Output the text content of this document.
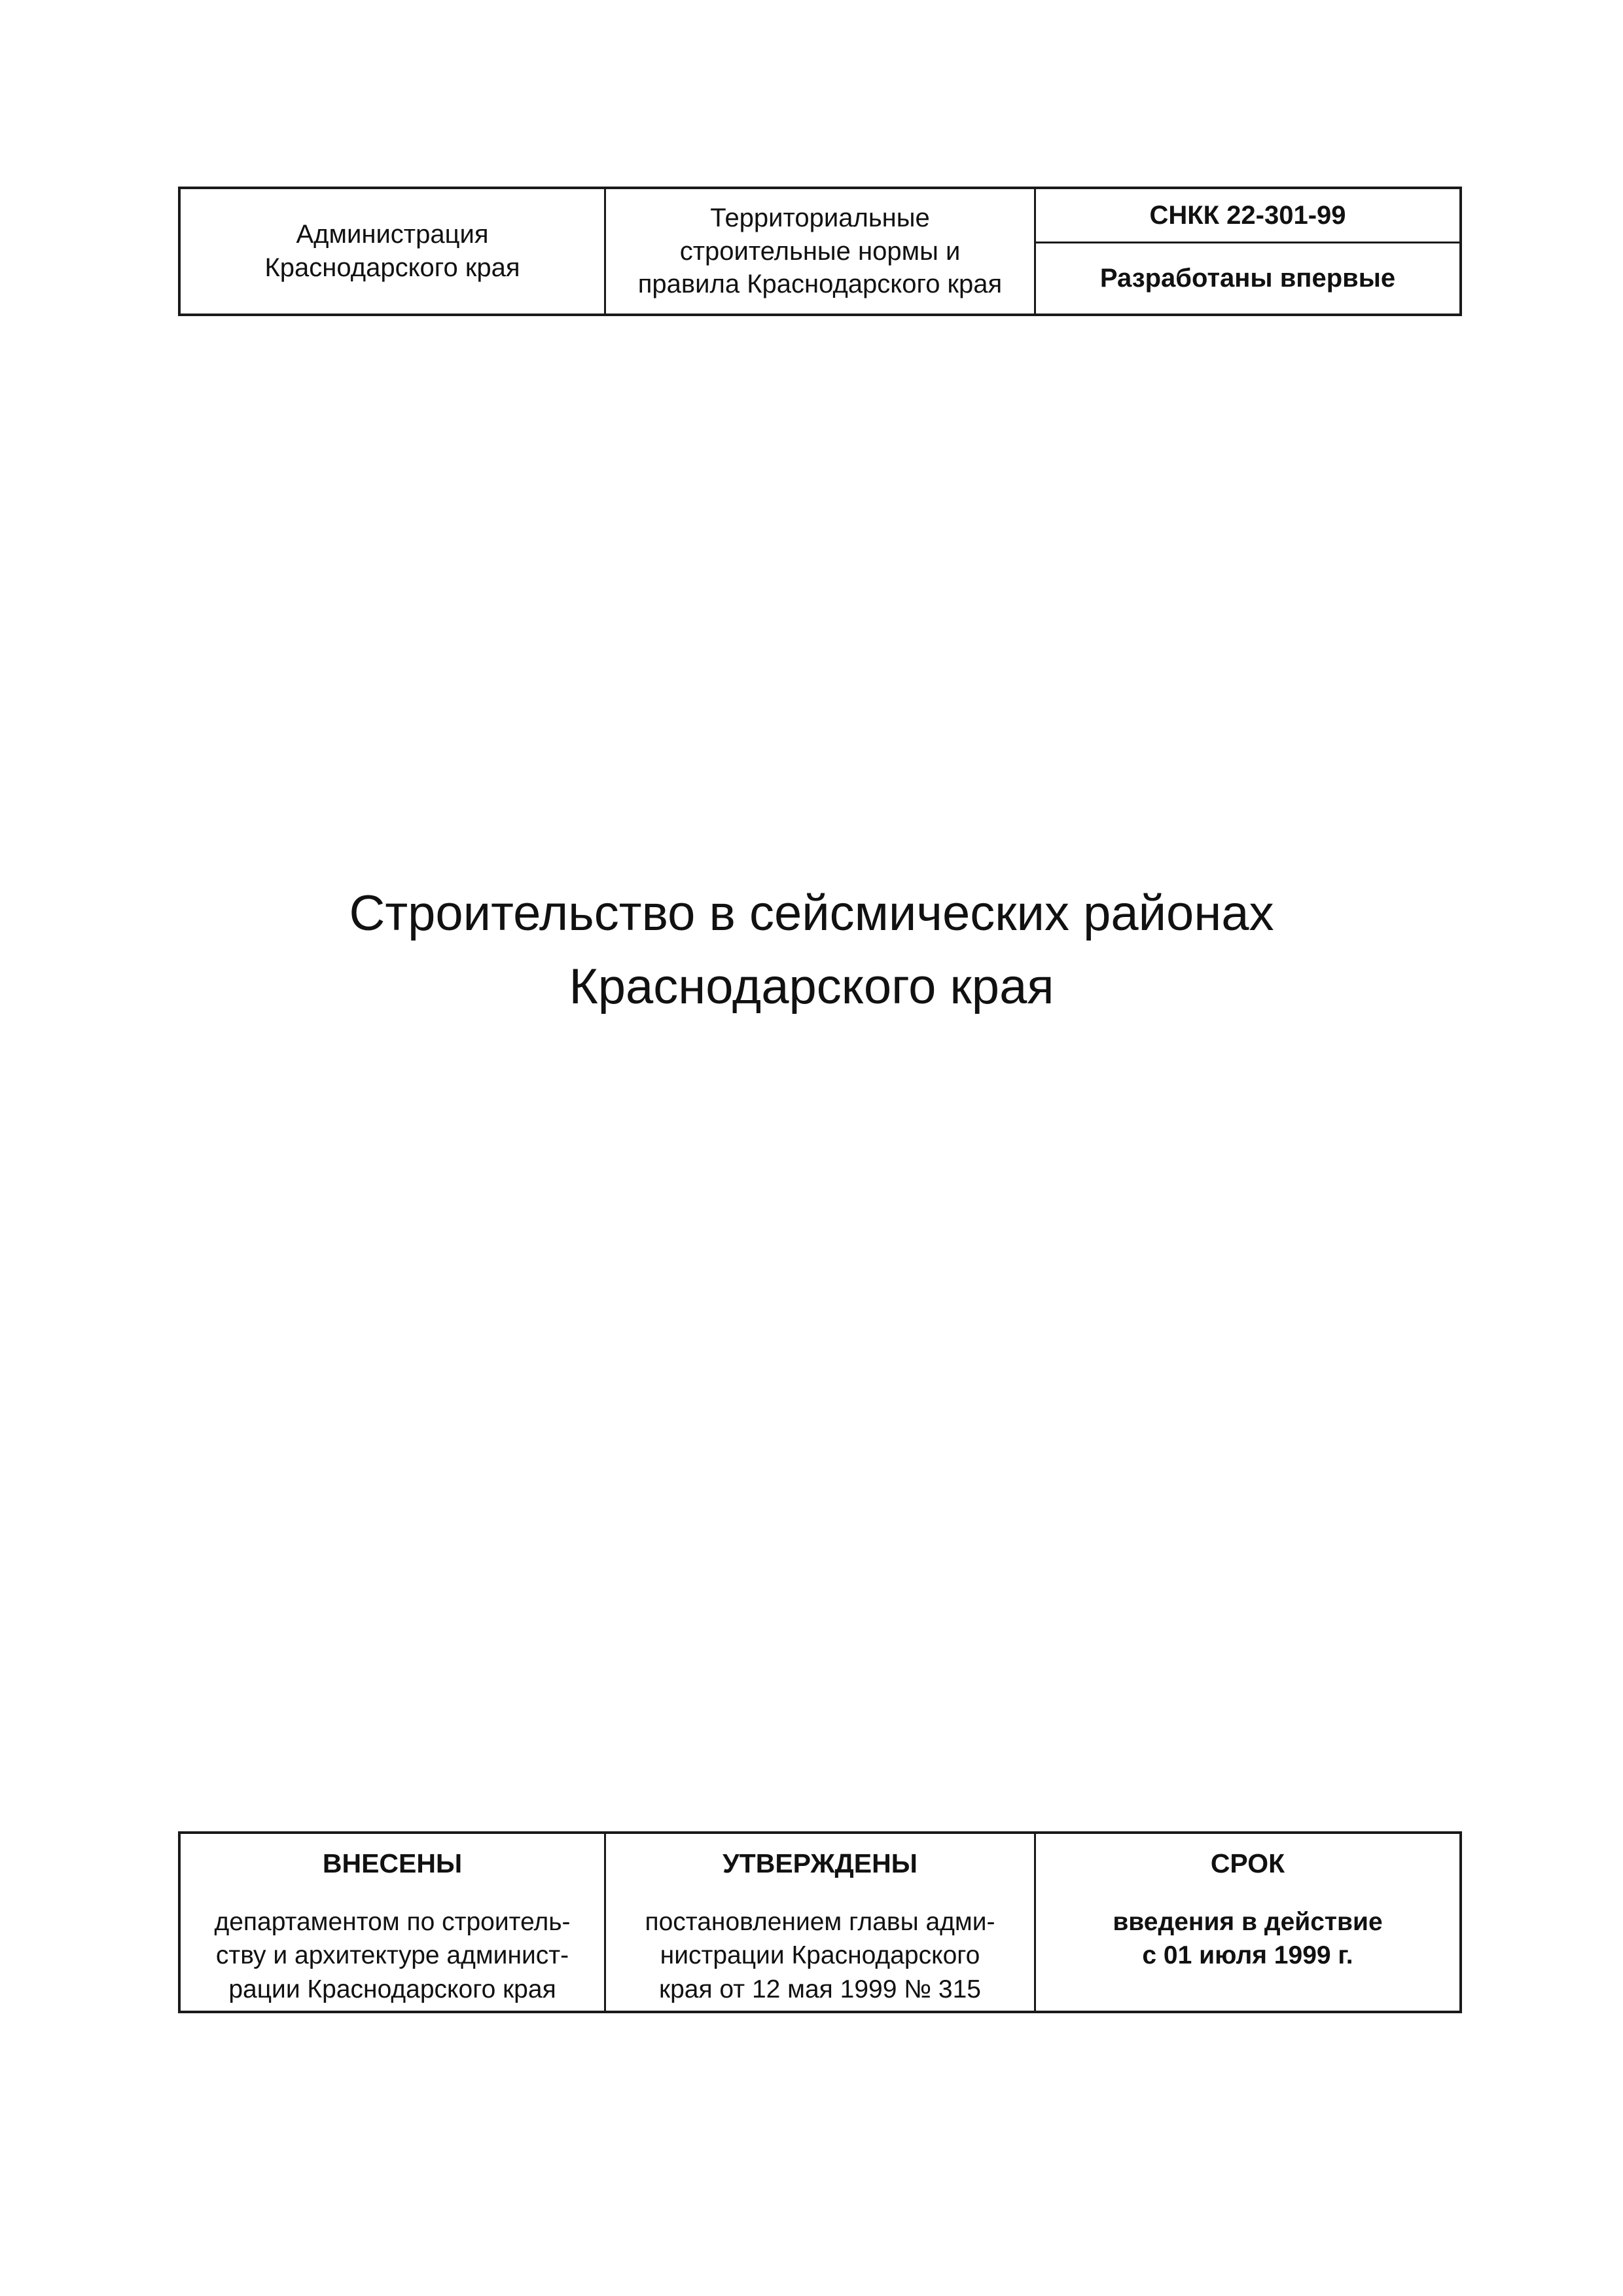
Администрация
Краснодарского края
Территориальные
строительные нормы и
правила Краснодарского края
СНКК 22-301-99
Разработаны впервые
Строительство в сейсмических районах
Краснодарского края
ВНЕСЕНЫ
департаментом по строитель-
ству и архитектуре админист-
рации Краснодарского края
УТВЕРЖДЕНЫ
постановлением главы адми-
нистрации Краснодарского
края от 12 мая 1999 № 315
СРОК
введения в действие
с 01 июля 1999 г.
